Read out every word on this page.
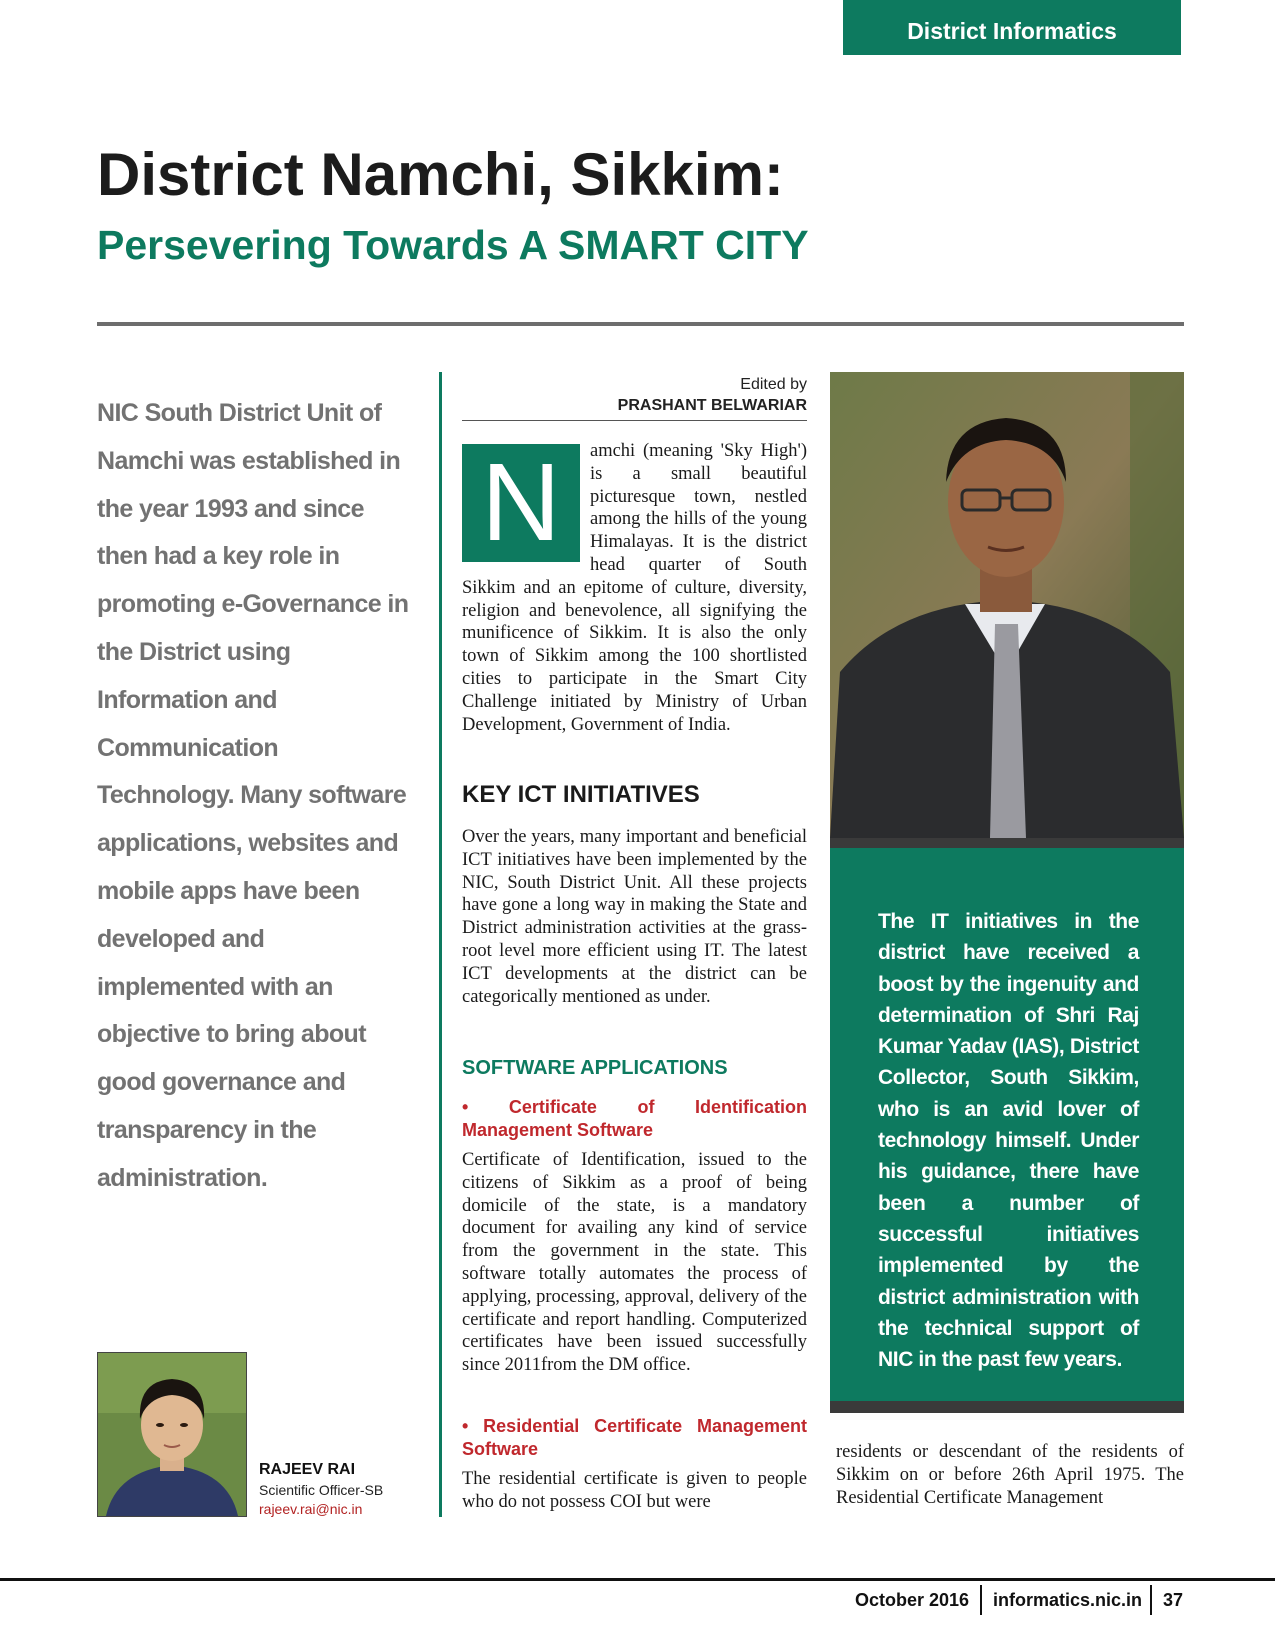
District Informatics
District Namchi, Sikkim:
Persevering Towards A SMART CITY
NIC South District Unit of Namchi was established in the year 1993 and since then had a key role in promoting e-Governance in the District using Information and Communication Technology. Many software applications, websites and mobile apps have been developed and implemented with an objective to bring about good governance and transparency in the administration.
RAJEEV RAI
Scientific Officer-SB
rajeev.rai@nic.in
Edited by
PRASHANT BELWARIAR
N	amchi (meaning 'Sky High') is a small beautiful picturesque town, nestled among the hills of the young Himalayas. It is the district head quarter of South Sikkim and an epitome of culture, diversity, religion and benevolence, all signifying the munificence of Sikkim. It is also the only town of Sikkim among the 100 shortlisted cities to participate in the Smart City Challenge initiated by Ministry of Urban Development, Government of India.
KEY ICT INITIATIVES
Over the years, many important and beneficial ICT initiatives have been implemented by the NIC, South District Unit. All these projects have gone a long way in making the State and District administration activities at the grass-root level more efficient using IT. The latest ICT developments at the district can be categorically mentioned as under.
SOFTWARE APPLICATIONS
• Certificate of Identification Management Software
Certificate of Identification, issued to the citizens of Sikkim as a proof of being domicile of the state, is a mandatory document for availing any kind of service from the government in the state. This software totally automates the process of applying, processing, approval, delivery of the certificate and report handling. Computerized certificates have been issued successfully since 2011from the DM office.
• Residential Certificate Management Software
The residential certificate is given to people who do not possess COI but were
The IT initiatives in the district have received a boost by the ingenuity and determination of Shri Raj Kumar Yadav (IAS), District Collector, South Sikkim, who is an avid lover of technology himself. Under his guidance, there have been a number of successful initiatives implemented by the district administration with the technical support of NIC in the past few years.
residents or descendant of the residents of Sikkim on or before 26th April 1975. The Residential Certificate Management
October 2016 informatics.nic.in 37
